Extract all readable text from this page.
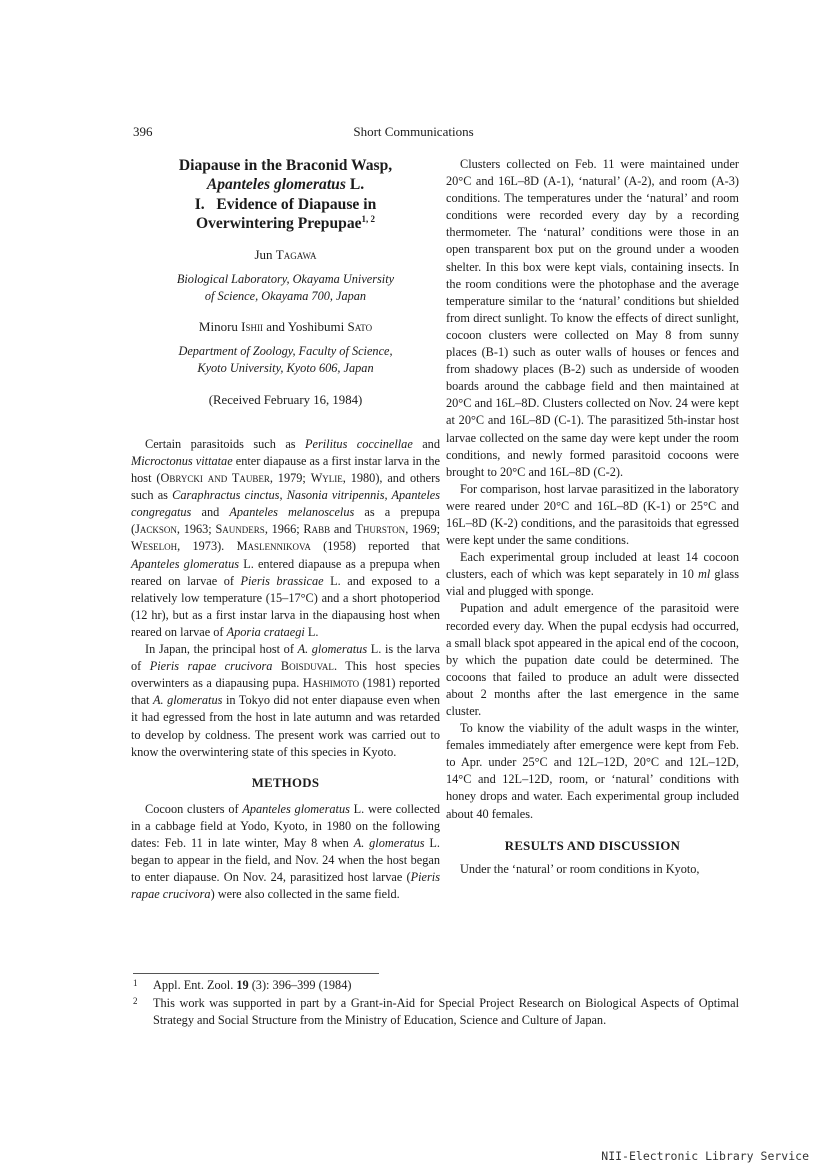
396	Short Communications
Diapause in the Braconid Wasp,
Apanteles glomeratus L.
I.   Evidence of Diapause in
Overwintering Prepupae$^{1, 2}$

Jun Tagawa

Biological Laboratory, Okayama University
of Science, Okayama 700, Japan

Minoru Ishii and Yoshibumi Sato

Department of Zoology, Faculty of Science,
Kyoto University, Kyoto 606, Japan

(Received February 16, 1984)

Certain parasitoids such as Perilitus coccinellae and Microctonus vittatae enter diapause as a first instar larva in the host (Obrycki and Tauber, 1979; Wylie, 1980), and others such as Caraphractus cinctus, Nasonia vitripennis, Apanteles congregatus and Apanteles melanoscelus as a prepupa (Jackson, 1963; Saunders, 1966; Rabb and Thurston, 1969; Weseloh, 1973). Maslennikova (1958) reported that Apanteles glomeratus L. entered diapause as a prepupa when reared on larvae of Pieris brassicae L. and exposed to a relatively low temperature (15–17°C) and a short photoperiod (12 hr), but as a first instar larva in the diapausing host when reared on larvae of Aporia crataegi L.

In Japan, the principal host of A. glomeratus L. is the larva of Pieris rapae crucivora Boisduval. This host species overwinters as a diapausing pupa. Hashimoto (1981) reported that A. glomeratus in Tokyo did not enter diapause even when it had egressed from the host in late autumn and was retarded to develop by coldness. The present work was carried out to know the overwintering state of this species in Kyoto.

METHODS

Cocoon clusters of Apanteles glomeratus L. were collected in a cabbage field at Yodo, Kyoto, in 1980 on the following dates: Feb. 11 in late winter, May 8 when A. glomeratus L. began to appear in the field, and Nov. 24 when the host began to enter diapause. On Nov. 24, parasitized host larvae (Pieris rapae crucivora) were also collected in the same field.

Clusters collected on Feb. 11 were maintained under 20°C and 16L–8D (A-1), ‘natural’ (A-2), and room (A-3) conditions. The temperatures under the ‘natural’ and room conditions were recorded every day by a recording thermometer. The ‘natural’ conditions were those in an open transparent box put on the ground under a wooden shelter. In this box were kept vials, containing insects. In the room conditions were the photophase and the average temperature similar to the ‘natural’ conditions but shielded from direct sunlight. To know the effects of direct sunlight, cocoon clusters were collected on May 8 from sunny places (B-1) such as outer walls of houses or fences and from shadowy places (B-2) such as underside of wooden boards around the cabbage field and then maintained at 20°C and 16L–8D. Clusters collected on Nov. 24 were kept at 20°C and 16L–8D (C-1). The parasitized 5th-instar host larvae collected on the same day were kept under the room conditions, and newly formed parasitoid cocoons were brought to 20°C and 16L–8D (C-2).

For comparison, host larvae parasitized in the laboratory were reared under 20°C and 16L–8D (K-1) or 25°C and 16L–8D (K-2) conditions, and the parasitoids that egressed were kept under the same conditions.

Each experimental group included at least 14 cocoon clusters, each of which was kept separately in 10 ml glass vial and plugged with sponge.

Pupation and adult emergence of the parasitoid were recorded every day. When the pupal ecdysis had occurred, a small black spot appeared in the apical end of the cocoon, by which the pupation date could be determined. The cocoons that failed to produce an adult were dissected about 2 months after the last emergence in the same cluster.

To know the viability of the adult wasps in the winter, females immediately after emergence were kept from Feb. to Apr. under 25°C and 12L–12D, 20°C and 12L–12D, 14°C and 12L–12D, room, or ‘natural’ conditions with honey drops and water. Each experimental group included about 40 females.

RESULTS AND DISCUSSION

Under the ‘natural’ or room conditions in Kyoto,

1 Appl. Ent. Zool. 19 (3): 396–399 (1984)
2 This work was supported in part by a Grant-in-Aid for Special Project Research on Biological Aspects of Optimal Strategy and Social Structure from the Ministry of Education, Science and Culture of Japan.
NII-Electronic Library Service
